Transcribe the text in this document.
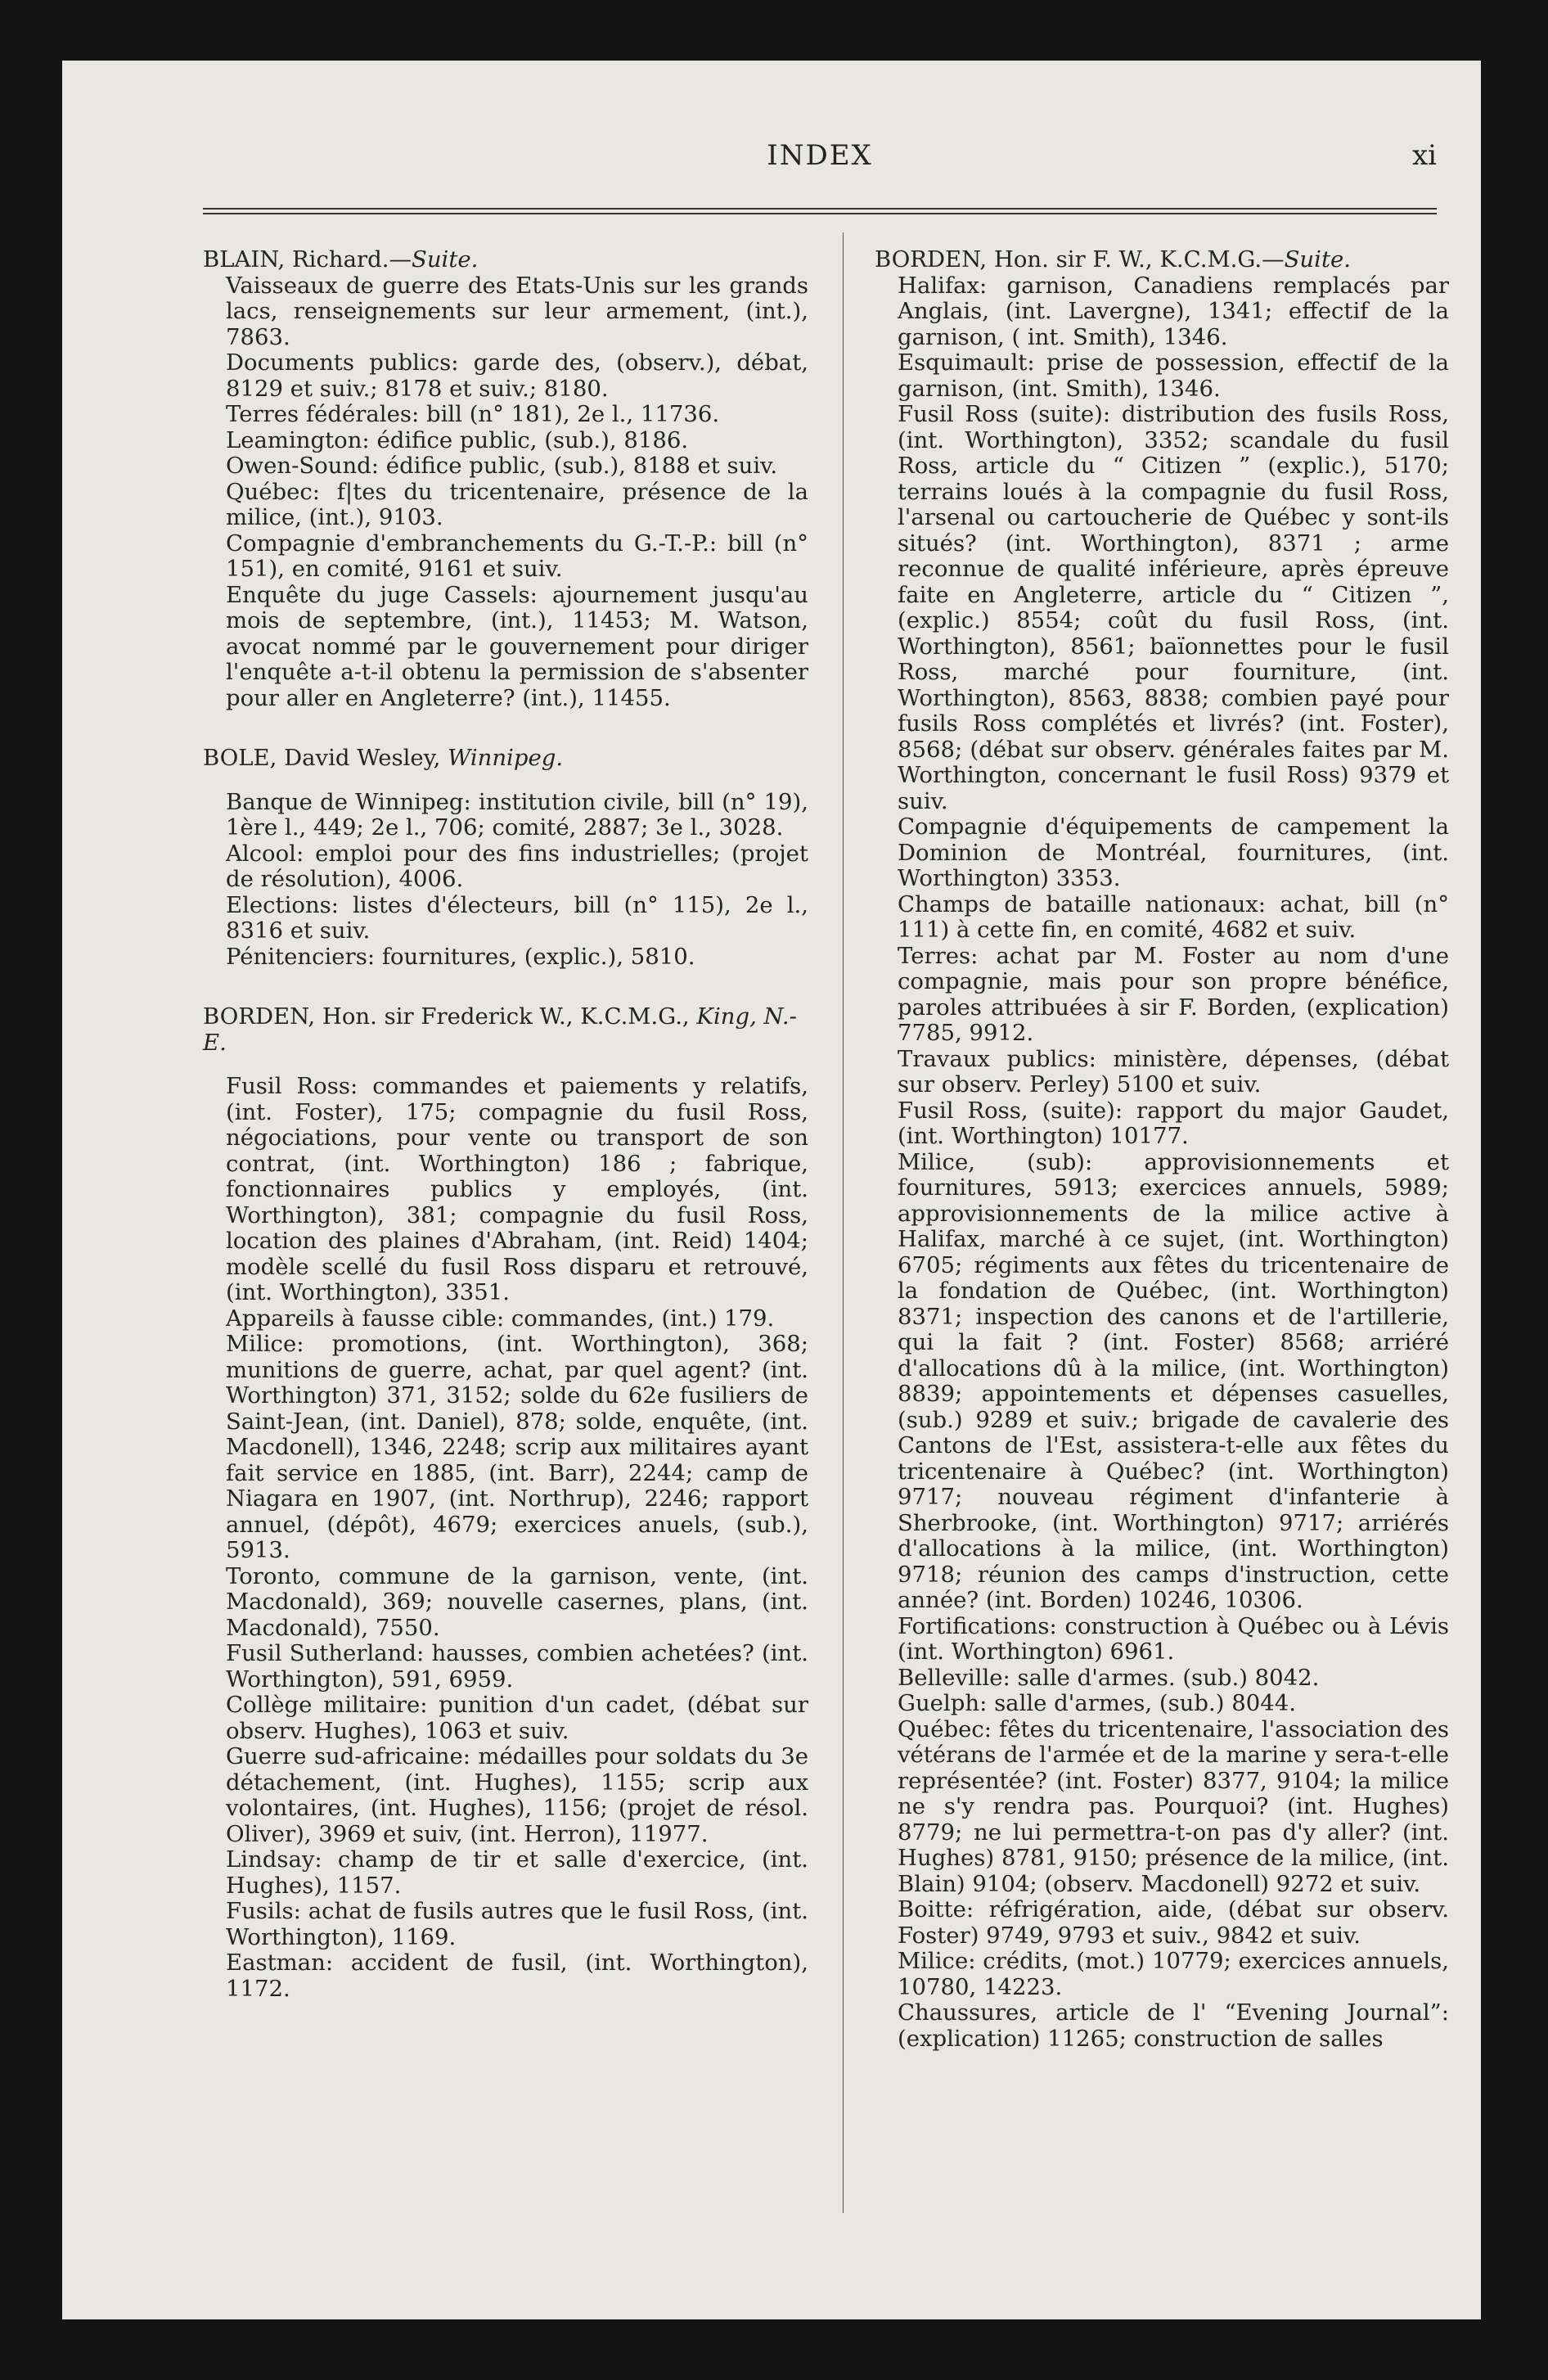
INDEX	xi

BLAIN, Richard.—Suite.

Vaisseaux de guerre des Etats-Unis sur les grands lacs, renseignements sur leur armement, (int.), 7863.

Documents publics: garde des, (observ.), débat, 8129 et suiv.; 8178 et suiv.; 8180.

Terres fédérales: bill (n° 181), 2e l., 11736.

Leamington: édifice public, (sub.), 8186.

Owen-Sound: édifice public, (sub.), 8188 et suiv.

Québec: f|tes du tricentenaire, présence de la milice, (int.), 9103.

Compagnie d'embranchements du G.-T.-P.: bill (n° 151), en comité, 9161 et suiv.

Enquête du juge Cassels: ajournement jusqu'au mois de septembre, (int.), 11453; M. Watson, avocat nommé par le gouvernement pour diriger l'enquête a-t-il obtenu la permission de s'absenter pour aller en Angleterre? (int.), 11455.

BOLE, David Wesley, Winnipeg.

Banque de Winnipeg: institution civile, bill (n° 19), 1ère l., 449; 2e l., 706; comité, 2887; 3e l., 3028.

Alcool: emploi pour des fins industrielles; (projet de résolution), 4006.

Elections: listes d'électeurs, bill (n° 115), 2e l., 8316 et suiv.

Pénitenciers: fournitures, (explic.), 5810.

BORDEN, Hon. sir Frederick W., K.C.M.G., King, N.-E.

Fusil Ross: commandes et paiements y relatifs, (int. Foster), 175; compagnie du fusil Ross, négociations, pour vente ou transport de son contrat, (int. Worthington) 186 ; fabrique, fonctionnaires publics y employés, (int. Worthington), 381; compagnie du fusil Ross, location des plaines d'Abraham, (int. Reid) 1404; modèle scellé du fusil Ross disparu et retrouvé, (int. Worthington), 3351.

Appareils à fausse cible: commandes, (int.) 179.

Milice: promotions, (int. Worthington), 368; munitions de guerre, achat, par quel agent? (int. Worthington) 371, 3152; solde du 62e fusiliers de Saint-Jean, (int. Daniel), 878; solde, enquête, (int. Macdonell), 1346, 2248; scrip aux militaires ayant fait service en 1885, (int. Barr), 2244; camp de Niagara en 1907, (int. Northrup), 2246; rapport annuel, (dépôt), 4679; exercices anuels, (sub.), 5913.

Toronto, commune de la garnison, vente, (int. Macdonald), 369; nouvelle casernes, plans, (int. Macdonald), 7550.

Fusil Sutherland: hausses, combien achetées? (int. Worthington), 591, 6959.

Collège militaire: punition d'un cadet, (débat sur observ. Hughes), 1063 et suiv.

Guerre sud-africaine: médailles pour soldats du 3e détachement, (int. Hughes), 1155; scrip aux volontaires, (int. Hughes), 1156; (projet de résol. Oliver), 3969 et suiv, (int. Herron), 11977.

Lindsay: champ de tir et salle d'exercice, (int. Hughes), 1157.

Fusils: achat de fusils autres que le fusil Ross, (int. Worthington), 1169.

Eastman: accident de fusil, (int. Worthington), 1172.

BORDEN, Hon. sir F. W., K.C.M.G.—Suite.

Halifax: garnison, Canadiens remplacés par Anglais, (int. Lavergne), 1341; effectif de la garnison, ( int. Smith), 1346.

Esquimault: prise de possession, effectif de la garnison, (int. Smith), 1346.

Fusil Ross (suite): distribution des fusils Ross, (int. Worthington), 3352; scandale du fusil Ross, article du “ Citizen ” (explic.), 5170; terrains loués à la compagnie du fusil Ross, l'arsenal ou cartoucherie de Québec y sont-ils situés? (int. Worthington), 8371 ; arme reconnue de qualité inférieure, après épreuve faite en Angleterre, article du “ Citizen ”, (explic.) 8554; coût du fusil Ross, (int. Worthington), 8561; baïonnettes pour le fusil Ross, marché pour fourniture, (int. Worthington), 8563, 8838; combien payé pour fusils Ross complétés et livrés? (int. Foster), 8568; (débat sur observ. générales faites par M. Worthington, concernant le fusil Ross) 9379 et suiv.

Compagnie d'équipements de campement la Dominion de Montréal, fournitures, (int. Worthington) 3353.

Champs de bataille nationaux: achat, bill (n° 111) à cette fin, en comité, 4682 et suiv.

Terres: achat par M. Foster au nom d'une compagnie, mais pour son propre bénéfice, paroles attribuées à sir F. Borden, (explication) 7785, 9912.

Travaux publics: ministère, dépenses, (débat sur observ. Perley) 5100 et suiv.

Fusil Ross, (suite): rapport du major Gaudet, (int. Worthington) 10177.

Milice, (sub): approvisionnements et fournitures, 5913; exercices annuels, 5989; approvisionnements de la milice active à Halifax, marché à ce sujet, (int. Worthington) 6705; régiments aux fêtes du tricentenaire de la fondation de Québec, (int. Worthington) 8371; inspection des canons et de l'artillerie, qui la fait ? (int. Foster) 8568; arriéré d'allocations dû à la milice, (int. Worthington) 8839; appointements et dépenses casuelles, (sub.) 9289 et suiv.; brigade de cavalerie des Cantons de l'Est, assistera-t-elle aux fêtes du tricentenaire à Québec? (int. Worthington) 9717; nouveau régiment d'infanterie à Sherbrooke, (int. Worthington) 9717; arriérés d'allocations à la milice, (int. Worthington) 9718; réunion des camps d'instruction, cette année? (int. Borden) 10246, 10306.

Fortifications: construction à Québec ou à Lévis (int. Worthington) 6961.

Belleville: salle d'armes. (sub.) 8042.

Guelph: salle d'armes, (sub.) 8044.

Québec: fêtes du tricentenaire, l'association des vétérans de l'armée et de la marine y sera-t-elle représentée? (int. Foster) 8377, 9104; la milice ne s'y rendra pas. Pourquoi? (int. Hughes) 8779; ne lui permettra-t-on pas d'y aller? (int. Hughes) 8781, 9150; présence de la milice, (int. Blain) 9104; (observ. Macdonell) 9272 et suiv.

Boitte: réfrigération, aide, (débat sur observ. Foster) 9749, 9793 et suiv., 9842 et suiv.

Milice: crédits, (mot.) 10779; exercices annuels, 10780, 14223.

Chaussures, article de l' “Evening Journal”: (explication) 11265; construction de salles
